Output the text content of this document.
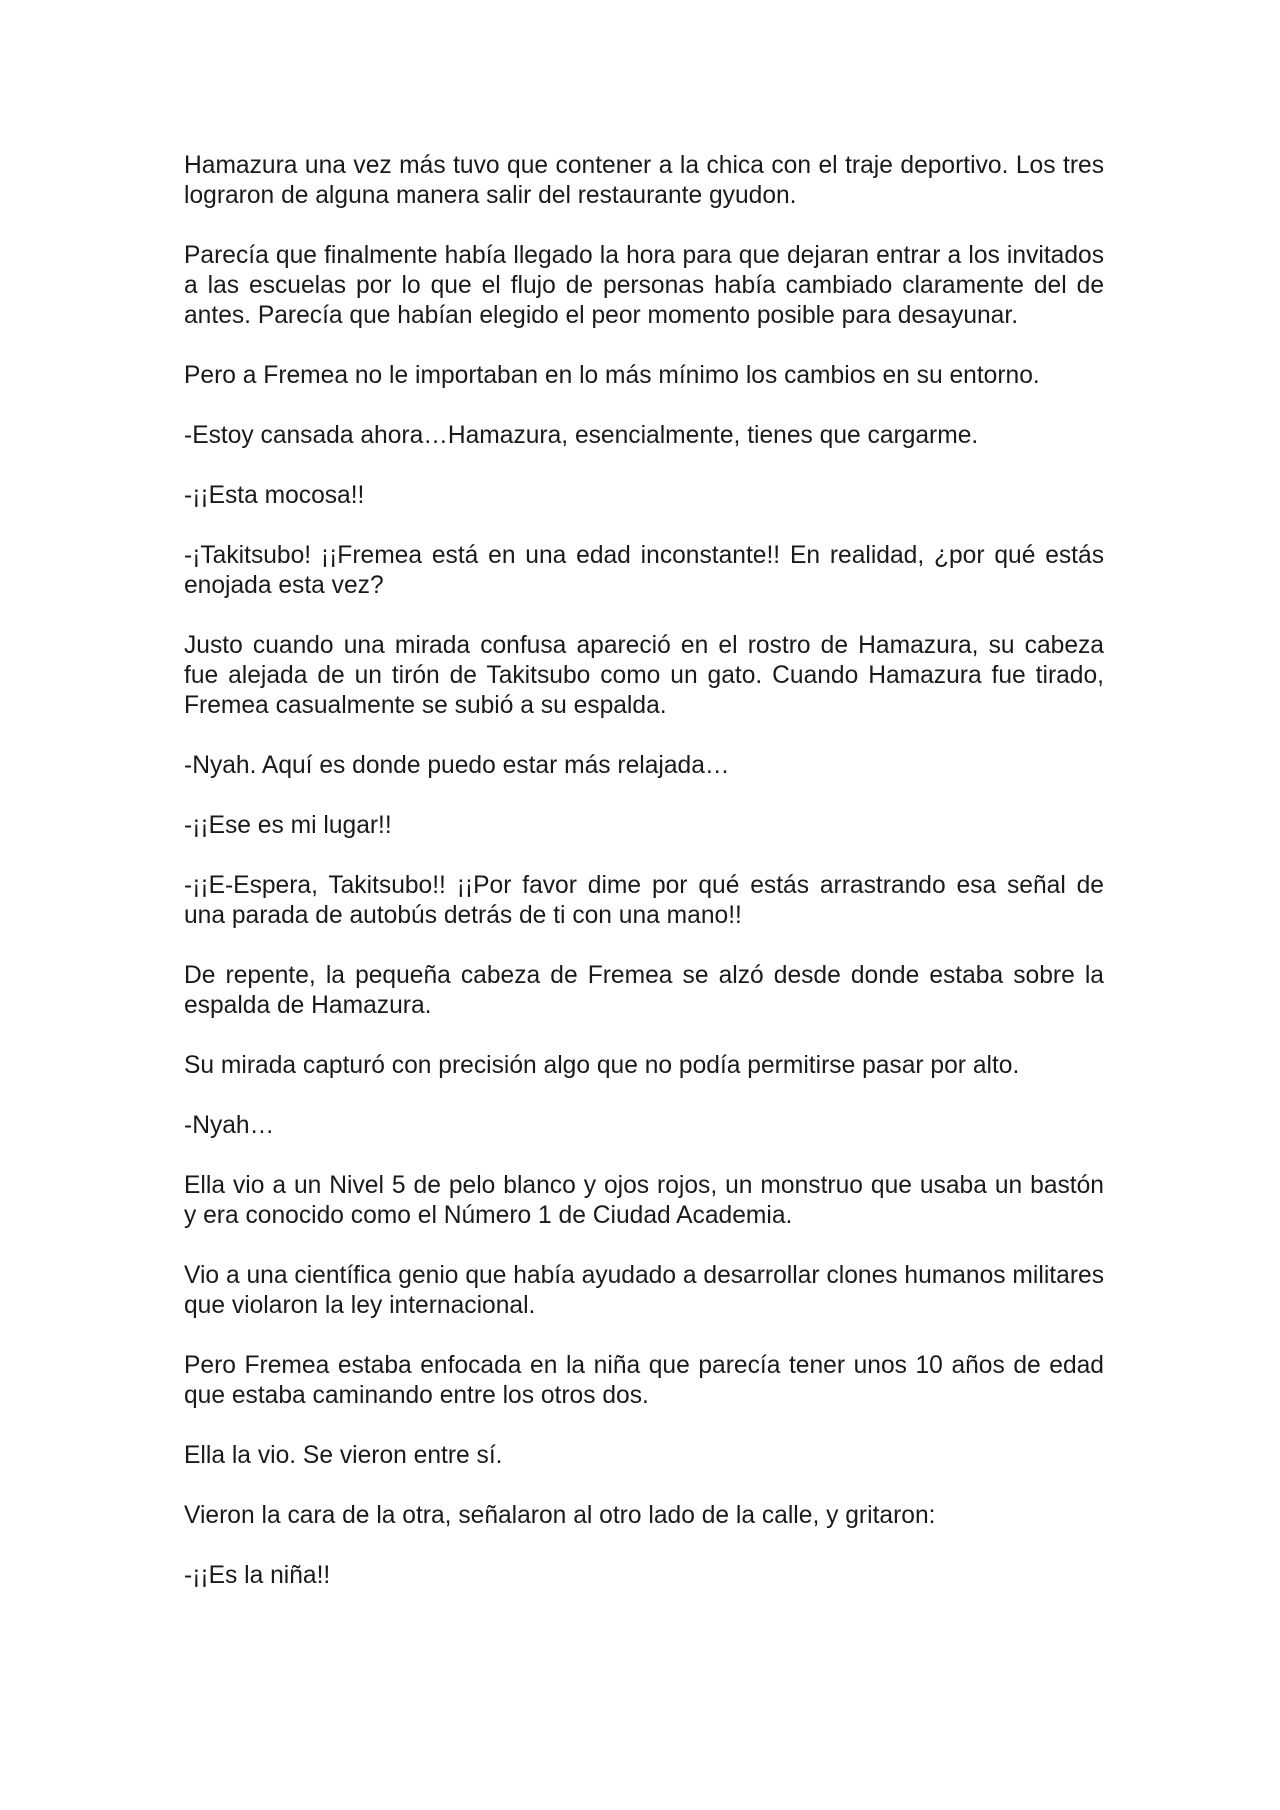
Hamazura una vez más tuvo que contener a la chica con el traje deportivo. Los tres lograron de alguna manera salir del restaurante gyudon.

Parecía que finalmente había llegado la hora para que dejaran entrar a los invitados a las escuelas por lo que el flujo de personas había cambiado claramente del de antes. Parecía que habían elegido el peor momento posible para desayunar.

Pero a Fremea no le importaban en lo más mínimo los cambios en su entorno.

-Estoy cansada ahora…Hamazura, esencialmente, tienes que cargarme.

-¡¡Esta mocosa!!

-¡Takitsubo! ¡¡Fremea está en una edad inconstante!! En realidad, ¿por qué estás enojada esta vez?

Justo cuando una mirada confusa apareció en el rostro de Hamazura, su cabeza fue alejada de un tirón de Takitsubo como un gato. Cuando Hamazura fue tirado, Fremea casualmente se subió a su espalda.

-Nyah. Aquí es donde puedo estar más relajada…

-¡¡Ese es mi lugar!!

-¡¡E-Espera, Takitsubo!! ¡¡Por favor dime por qué estás arrastrando esa señal de una parada de autobús detrás de ti con una mano!!

De repente, la pequeña cabeza de Fremea se alzó desde donde estaba sobre la espalda de Hamazura.

Su mirada capturó con precisión algo que no podía permitirse pasar por alto.

-Nyah…

Ella vio a un Nivel 5 de pelo blanco y ojos rojos, un monstruo que usaba un bastón y era conocido como el Número 1 de Ciudad Academia.

Vio a una científica genio que había ayudado a desarrollar clones humanos militares que violaron la ley internacional.

Pero Fremea estaba enfocada en la niña que parecía tener unos 10 años de edad que estaba caminando entre los otros dos.

Ella la vio. Se vieron entre sí.

Vieron la cara de la otra, señalaron al otro lado de la calle, y gritaron:

-¡¡Es la niña!!
